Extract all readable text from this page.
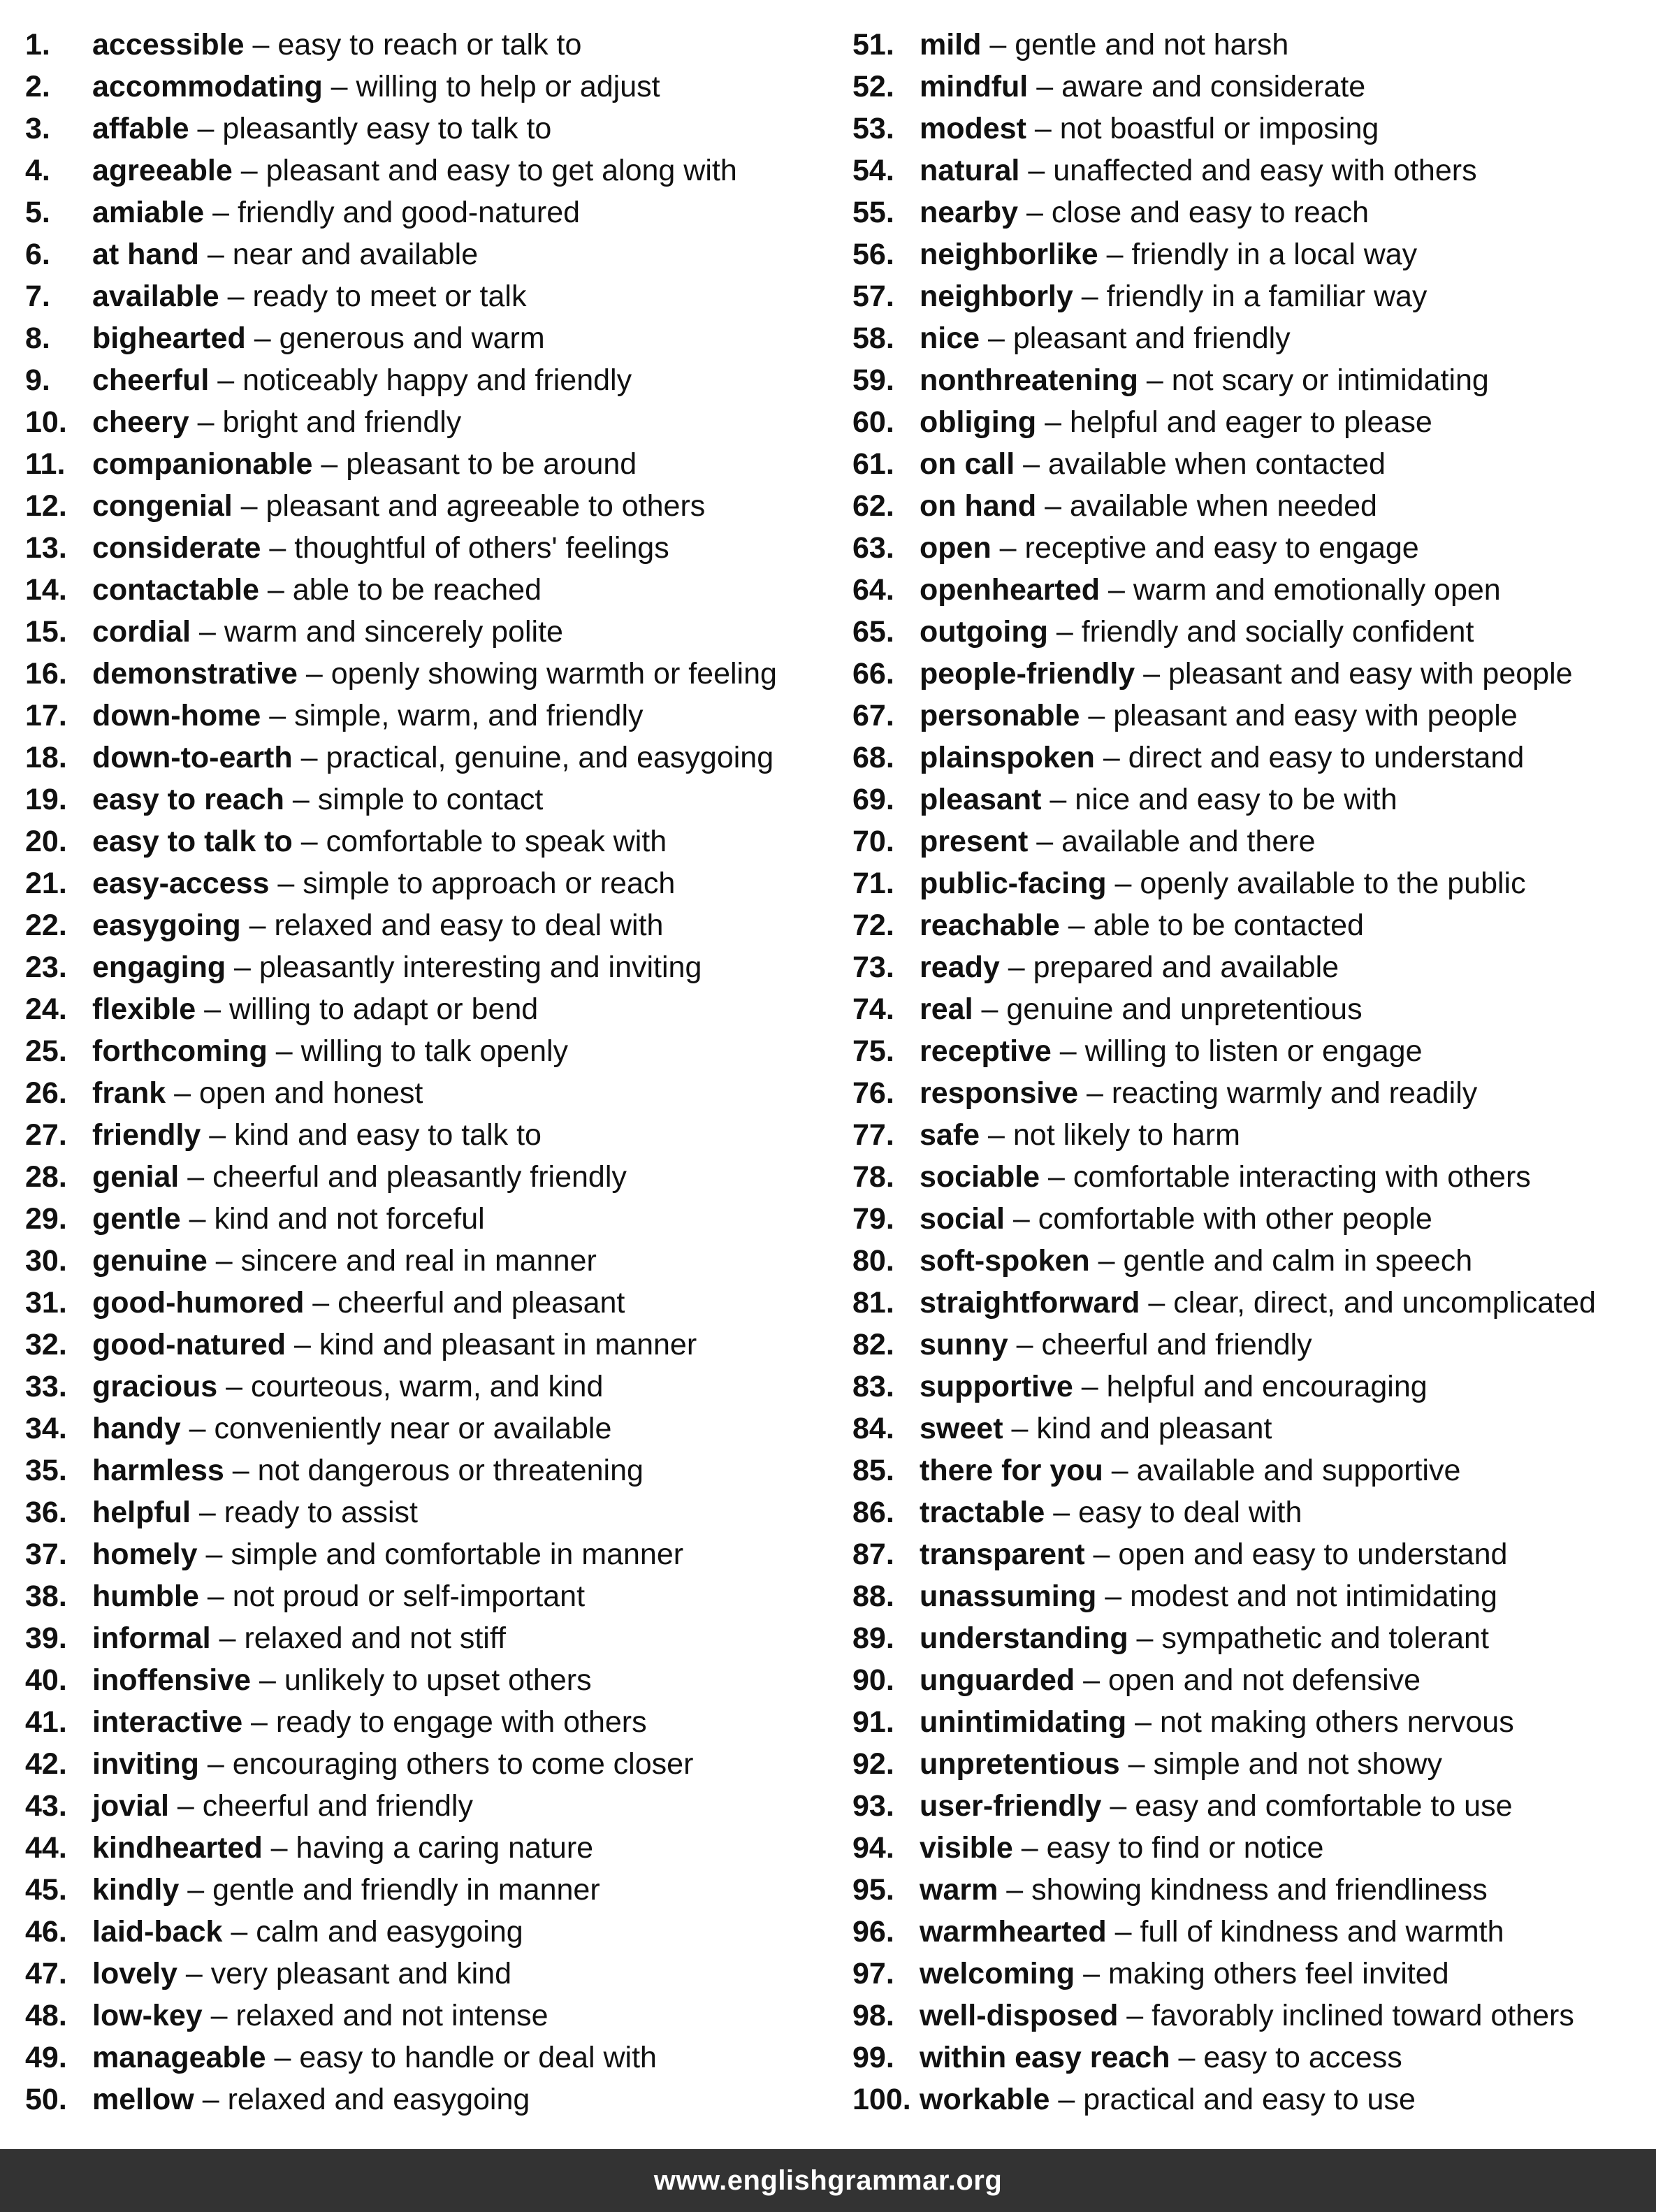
1.	accessible – easy to reach or talk to
2.	accommodating – willing to help or adjust
3.	affable – pleasantly easy to talk to
4.	agreeable – pleasant and easy to get along with
5.	amiable – friendly and good-natured
6.	at hand – near and available
7.	available – ready to meet or talk
8.	bighearted – generous and warm
9.	cheerful – noticeably happy and friendly
10. cheery – bright and friendly
11. companionable – pleasant to be around
12. congenial – pleasant and agreeable to others
13. considerate – thoughtful of others' feelings
14. contactable – able to be reached
15. cordial – warm and sincerely polite
16. demonstrative – openly showing warmth or feeling
17. down-home – simple, warm, and friendly
18. down-to-earth – practical, genuine, and easygoing
19. easy to reach – simple to contact
20. easy to talk to – comfortable to speak with
21. easy-access – simple to approach or reach
22. easygoing – relaxed and easy to deal with
23. engaging – pleasantly interesting and inviting
24. flexible – willing to adapt or bend
25. forthcoming – willing to talk openly
26. frank – open and honest
27. friendly – kind and easy to talk to
28. genial – cheerful and pleasantly friendly
29. gentle – kind and not forceful
30. genuine – sincere and real in manner
31. good-humored – cheerful and pleasant
32. good-natured – kind and pleasant in manner
33. gracious – courteous, warm, and kind
34. handy – conveniently near or available
35. harmless – not dangerous or threatening
36. helpful – ready to assist
37. homely – simple and comfortable in manner
38. humble – not proud or self-important
39. informal – relaxed and not stiff
40. inoffensive – unlikely to upset others
41. interactive – ready to engage with others
42. inviting – encouraging others to come closer
43. jovial – cheerful and friendly
44. kindhearted – having a caring nature
45. kindly – gentle and friendly in manner
46. laid-back – calm and easygoing
47. lovely – very pleasant and kind
48. low-key – relaxed and not intense
49. manageable – easy to handle or deal with
50. mellow – relaxed and easygoing
51. mild – gentle and not harsh
52. mindful – aware and considerate
53. modest – not boastful or imposing
54. natural – unaffected and easy with others
55. nearby – close and easy to reach
56. neighborlike – friendly in a local way
57. neighborly – friendly in a familiar way
58. nice – pleasant and friendly
59. nonthreatening – not scary or intimidating
60. obliging – helpful and eager to please
61. on call – available when contacted
62. on hand – available when needed
63. open – receptive and easy to engage
64. openhearted – warm and emotionally open
65. outgoing – friendly and socially confident
66. people-friendly – pleasant and easy with people
67. personable – pleasant and easy with people
68. plainspoken – direct and easy to understand
69. pleasant – nice and easy to be with
70. present – available and there
71. public-facing – openly available to the public
72. reachable – able to be contacted
73. ready – prepared and available
74. real – genuine and unpretentious
75. receptive – willing to listen or engage
76. responsive – reacting warmly and readily
77. safe – not likely to harm
78. sociable – comfortable interacting with others
79. social – comfortable with other people
80. soft-spoken – gentle and calm in speech
81. straightforward – clear, direct, and uncomplicated
82. sunny – cheerful and friendly
83. supportive – helpful and encouraging
84. sweet – kind and pleasant
85. there for you – available and supportive
86. tractable – easy to deal with
87. transparent – open and easy to understand
88. unassuming – modest and not intimidating
89. understanding – sympathetic and tolerant
90. unguarded – open and not defensive
91. unintimidating – not making others nervous
92. unpretentious – simple and not showy
93. user-friendly – easy and comfortable to use
94. visible – easy to find or notice
95. warm – showing kindness and friendliness
96. warmhearted – full of kindness and warmth
97. welcoming – making others feel invited
98. well-disposed – favorably inclined toward others
99. within easy reach – easy to access
100. workable – practical and easy to use
www.englishgrammar.org
